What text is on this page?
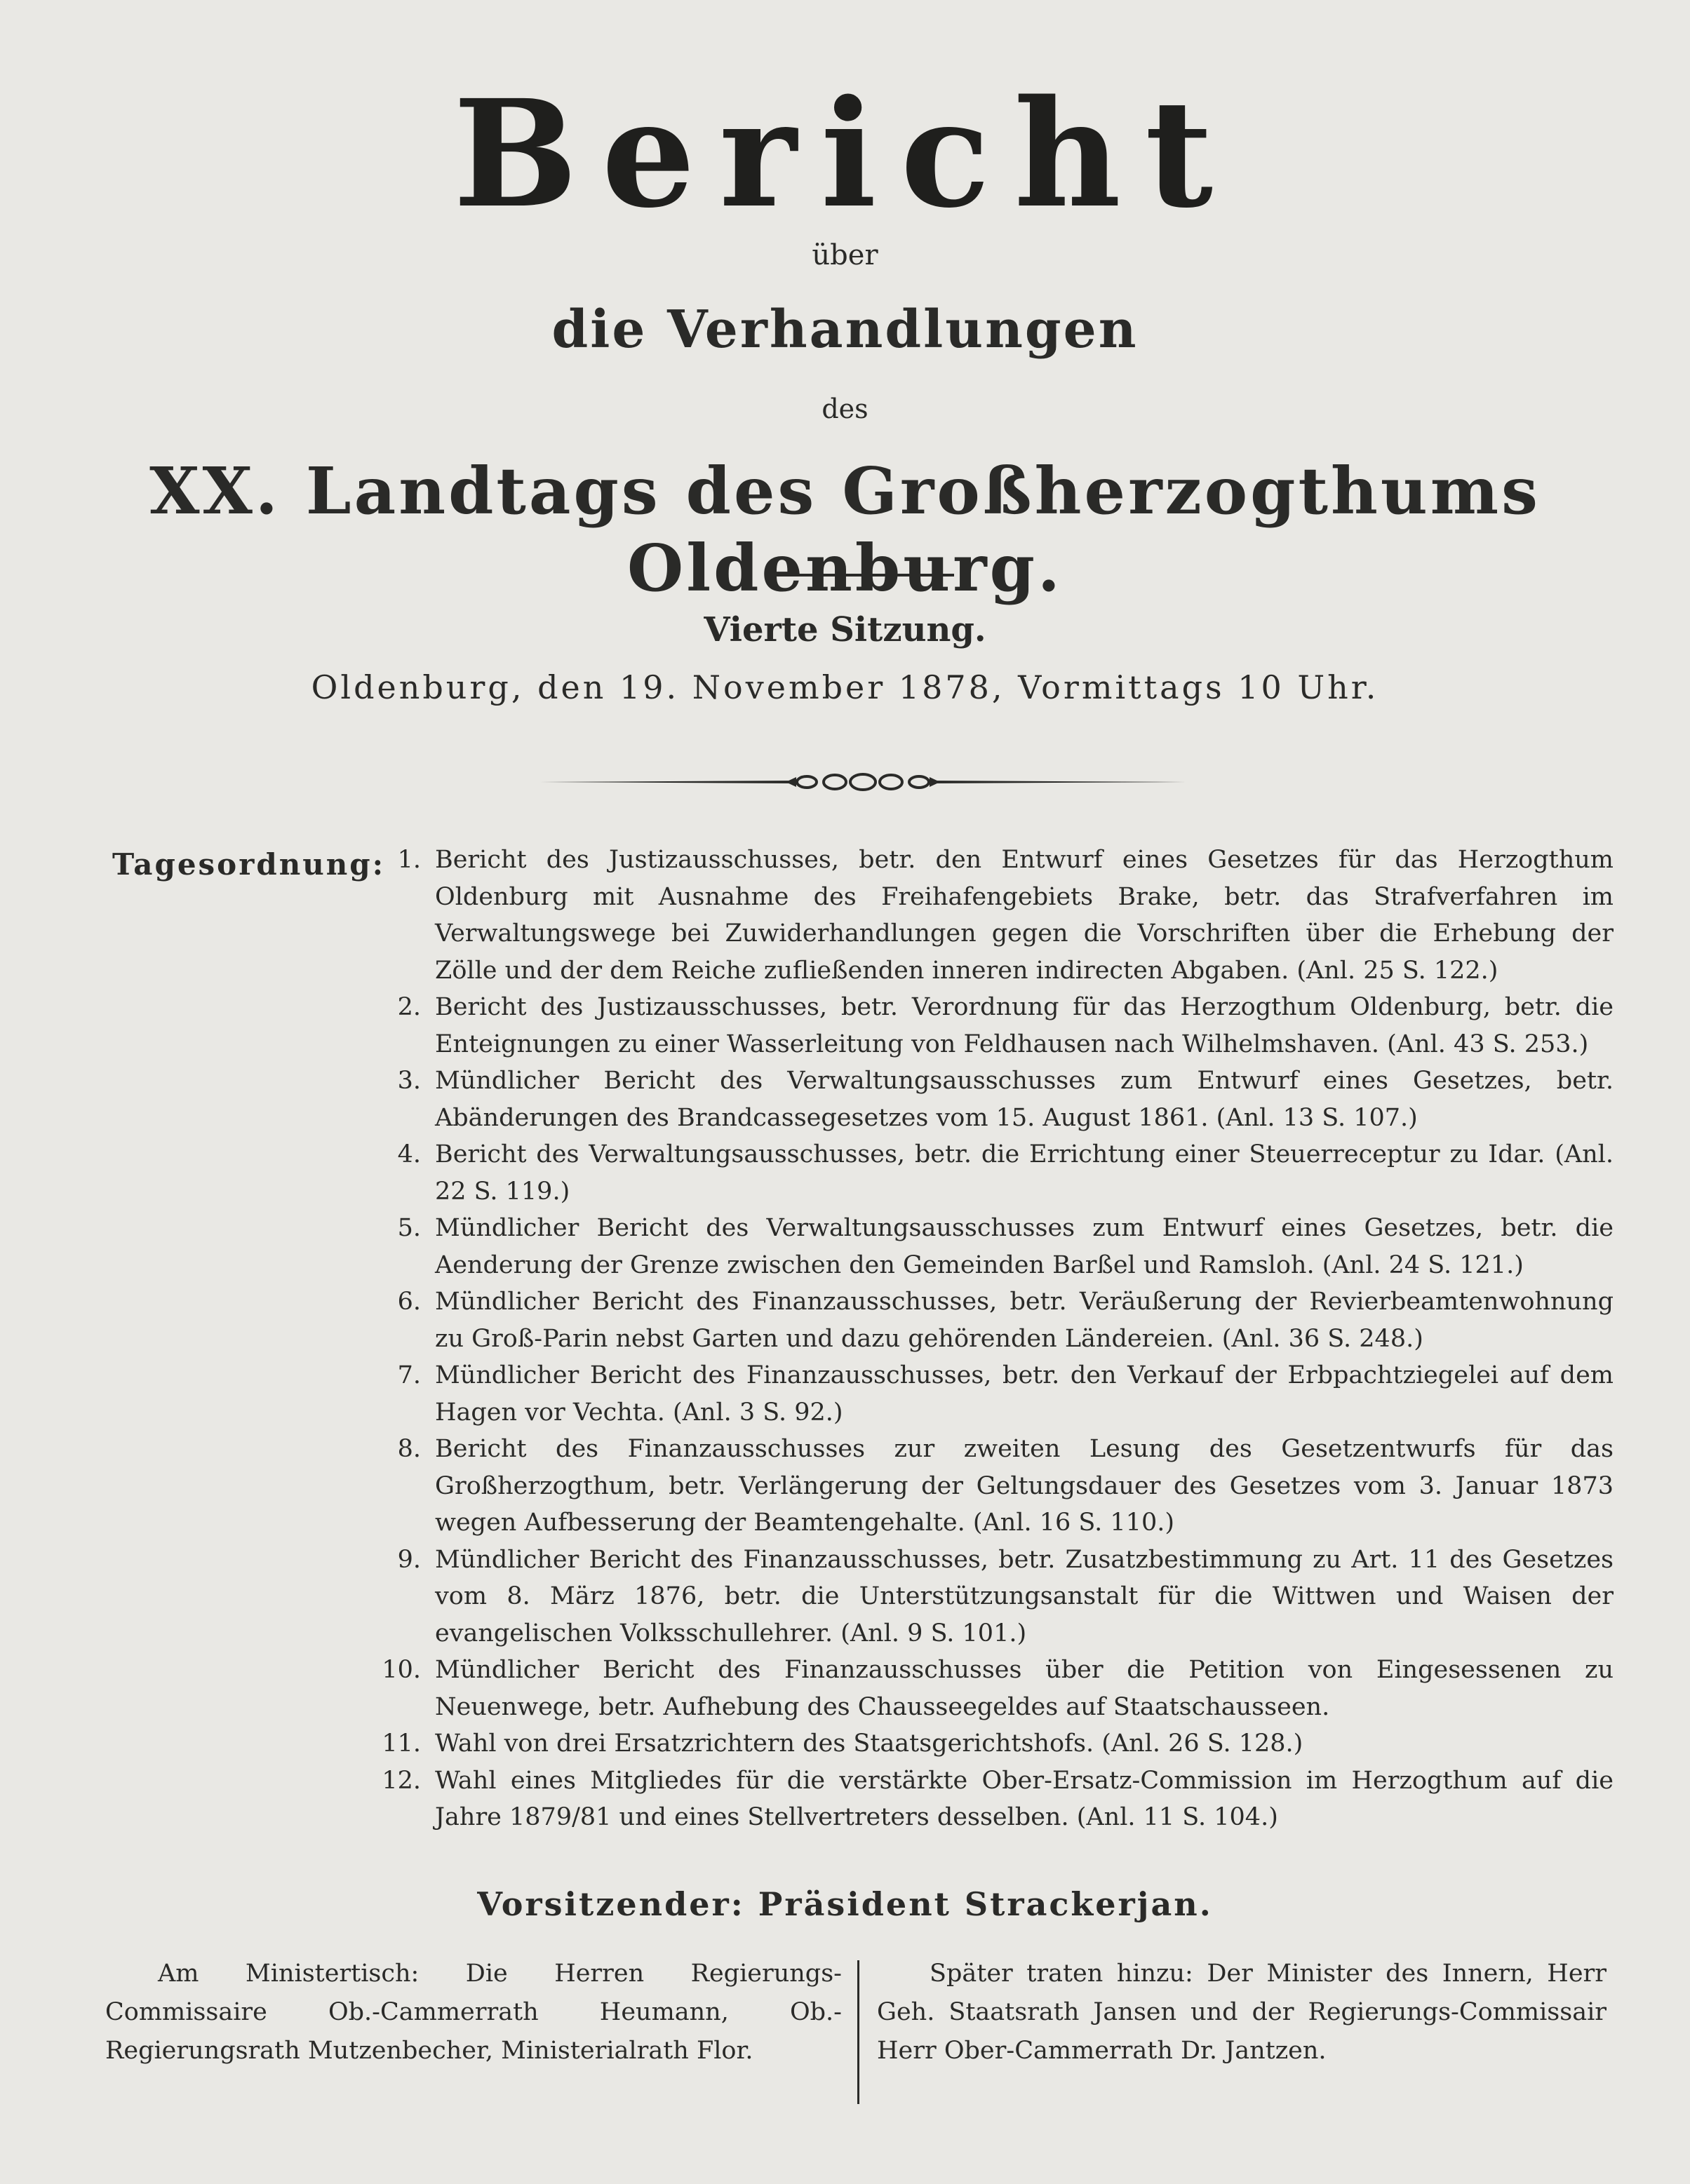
Bericht
über
die Verhandlungen
des
XX. Landtags des Großherzogthums Oldenburg.
Vierte Sitzung.
Oldenburg, den 19. November 1878, Vormittags 10 Uhr.
Tagesordnung: 1. Bericht des Justizausschusses, betr. den Entwurf eines Gesetzes für das Herzogthum Oldenburg mit Ausnahme des Freihafengebiets Brake, betr. das Strafverfahren im Verwaltungswege bei Zuwiderhandlungen gegen die Vorschriften über die Erhebung der Zölle und der dem Reiche zufließenden inneren indirecten Abgaben. (Anl. 25 S. 122.)
2. Bericht des Justizausschusses, betr. Verordnung für das Herzogthum Oldenburg, betr. die Enteignungen zu einer Wasserleitung von Feldhausen nach Wilhelmshaven. (Anl. 43 S. 253.)
3. Mündlicher Bericht des Verwaltungsausschusses zum Entwurf eines Gesetzes, betr. Abänderungen des Brandcassegesetzes vom 15. August 1861. (Anl. 13 S. 107.)
4. Bericht des Verwaltungsausschusses, betr. die Errichtung einer Steuerreceptur zu Idar. (Anl. 22 S. 119.)
5. Mündlicher Bericht des Verwaltungsausschusses zum Entwurf eines Gesetzes, betr. die Aenderung der Grenze zwischen den Gemeinden Barßel und Ramsloh. (Anl. 24 S. 121.)
6. Mündlicher Bericht des Finanzausschusses, betr. Veräußerung der Revierbeamtenwohnung zu Groß-Parin nebst Garten und dazu gehörenden Ländereien. (Anl. 36 S. 248.)
7. Mündlicher Bericht des Finanzausschusses, betr. den Verkauf der Erbpachtziegelei auf dem Hagen vor Vechta. (Anl. 3 S. 92.)
8. Bericht des Finanzausschusses zur zweiten Lesung des Gesetzentwurfs für das Großherzogthum, betr. Verlängerung der Geltungsdauer des Gesetzes vom 3. Januar 1873 wegen Aufbesserung der Beamtengehalte. (Anl. 16 S. 110.)
9. Mündlicher Bericht des Finanzausschusses, betr. Zusatzbestimmung zu Art. 11 des Gesetzes vom 8. März 1876, betr. die Unterstützungsanstalt für die Wittwen und Waisen der evangelischen Volksschullehrer. (Anl. 9 S. 101.)
10. Mündlicher Bericht des Finanzausschusses über die Petition von Eingesessenen zu Neuenwege, betr. Aufhebung des Chausseegeldes auf Staatschausseen.
11. Wahl von drei Ersatzrichtern des Staatsgerichtshofs. (Anl. 26 S. 128.)
12. Wahl eines Mitgliedes für die verstärkte Ober-Ersatz-Commission im Herzogthum auf die Jahre 1879/81 und eines Stellvertreters desselben. (Anl. 11 S. 104.)
Vorsitzender: Präsident Strackerjan.
Am Ministertisch: Die Herren Regierungs-Commissaire Ob.-Cammerrath Heumann, Ob.-Regierungsrath Mutzenbecher, Ministerialrath Flor.
Später traten hinzu: Der Minister des Innern, Herr Geh. Staatsrath Jansen und der Regierungs-Commissair Herr Ober-Cammerrath Dr. Jantzen.
